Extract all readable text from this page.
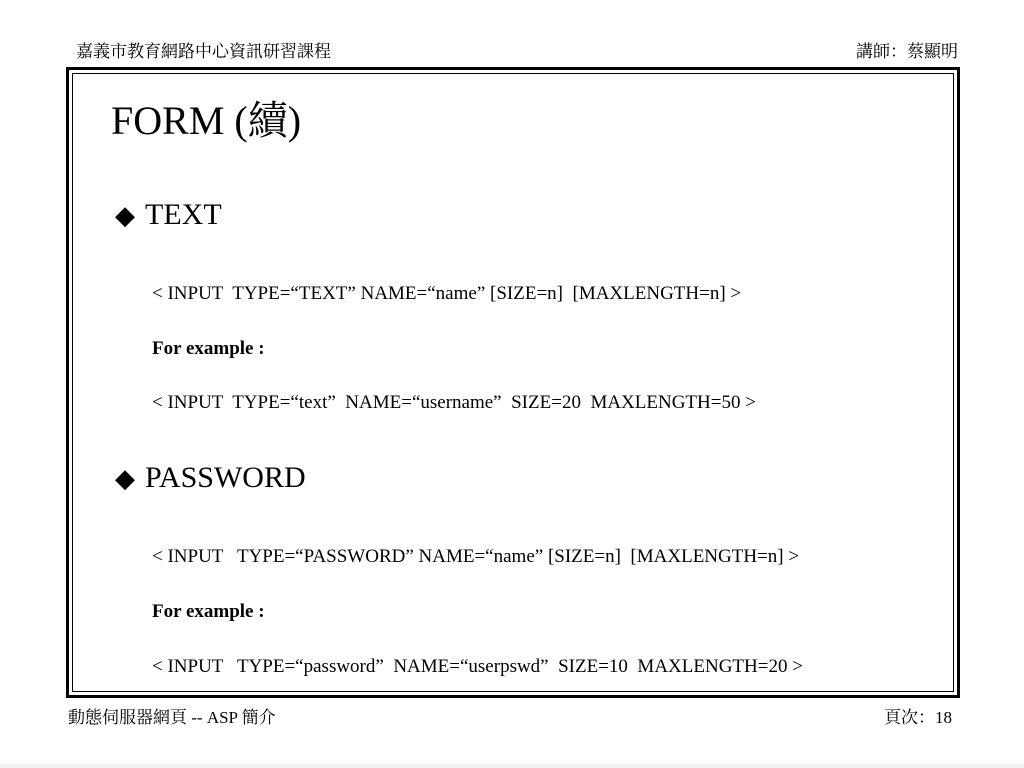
嘉義市教育網路中心資訊研習課程	講師：蔡顯明
FORM (續)
◆ TEXT
< INPUT  TYPE=“TEXT” NAME=“name” [SIZE=n]  [MAXLENGTH=n] >
For example :
< INPUT  TYPE=“text”  NAME=“username”  SIZE=20  MAXLENGTH=50 >
◆ PASSWORD
< INPUT   TYPE=“PASSWORD” NAME=“name” [SIZE=n]  [MAXLENGTH=n] >
For example :
< INPUT   TYPE=“password”  NAME=“userpswd”  SIZE=10  MAXLENGTH=20 >
動態伺服器網頁 -- ASP 簡介	頁次：18
